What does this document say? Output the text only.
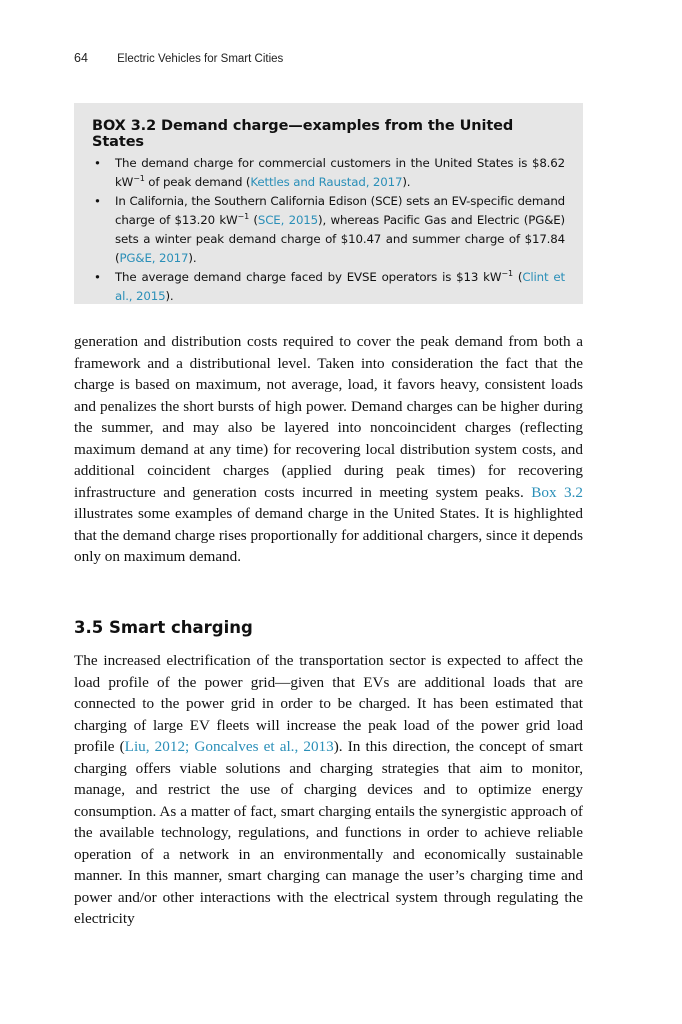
64	Electric Vehicles for Smart Cities
BOX 3.2 Demand charge—examples from the United States
• The demand charge for commercial customers in the United States is $8.62 $kW^{-1}$ of peak demand (Kettles and Raustad, 2017).
• In California, the Southern California Edison (SCE) sets an EV-specific demand charge of $13.20 $kW^{-1}$ (SCE, 2015), whereas Pacific Gas and Electric (PG&E) sets a winter peak demand charge of $10.47 and summer charge of $17.84 (PG&E, 2017).
• The average demand charge faced by EVSE operators is $13 $kW^{-1}$ (Clint et al., 2015).

generation and distribution costs required to cover the peak demand from both a framework and a distributional level. Taken into consideration the fact that the charge is based on maximum, not average, load, it favors heavy, consistent loads and penalizes the short bursts of high power. Demand charges can be higher during the summer, and may also be layered into noncoincident charges (reflecting maximum demand at any time) for recovering local distribution system costs, and additional coincident charges (applied during peak times) for recovering infrastructure and generation costs incurred in meeting system peaks. Box 3.2 illustrates some examples of demand charge in the United States. It is highlighted that the demand charge rises proportionally for additional chargers, since it depends only on maximum demand.

3.5 Smart charging

The increased electrification of the transportation sector is expected to affect the load profile of the power grid—given that EVs are additional loads that are connected to the power grid in order to be charged. It has been estimated that charging of large EV fleets will increase the peak load of the power grid load profile (Liu, 2012; Goncalves et al., 2013). In this direction, the concept of smart charging offers viable solutions and charging strategies that aim to monitor, manage, and restrict the use of charging devices and to optimize energy consumption. As a matter of fact, smart charging entails the synergistic approach of the available technology, regulations, and functions in order to achieve reliable operation of a network in an environmentally and economically sustainable manner. In this manner, smart charging can manage the user’s charging time and power and/or other interactions with the electrical system through regulating the electricity
